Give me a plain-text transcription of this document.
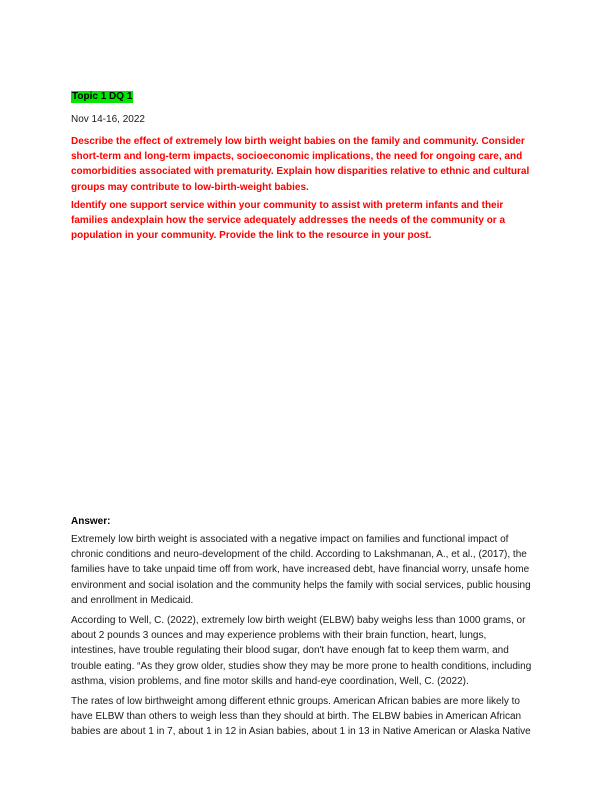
Topic 1 DQ 1
Nov 14-16, 2022

Describe the effect of extremely low birth weight babies on the family and community. Consider short-term and long-term impacts, socioeconomic implications, the need for ongoing care, and comorbidities associated with prematurity. Explain how disparities relative to ethnic and cultural groups may contribute to low-birth-weight babies.

Identify one support service within your community to assist with preterm infants and their families andexplain how the service adequately addresses the needs of the community or a population in your community. Provide the link to the resource in your post.

Answer:

Extremely low birth weight is associated with a negative impact on families and functional impact of chronic conditions and neuro-development of the child. According to Lakshmanan, A., et al., (2017), the families have to take unpaid time off from work, have increased debt, have financial worry, unsafe home environment and social isolation and the community helps the family with social services, public housing and enrollment in Medicaid.

According to Well, C. (2022), extremely low birth weight (ELBW) baby weighs less than 1000 grams, or about 2 pounds 3 ounces and may experience problems with their brain function, heart, lungs, intestines, have trouble regulating their blood sugar, don't have enough fat to keep them warm, and trouble eating. “As they grow older, studies show they may be more prone to health conditions, including asthma, vision problems, and fine motor skills and hand-eye coordination, Well, C. (2022).

The rates of low birthweight among different ethnic groups. American African babies are more likely to have ELBW than others to weigh less than they should at birth. The ELBW babies in American African babies are about 1 in 7, about 1 in 12 in Asian babies, about 1 in 13 in Native American or Alaska Native
